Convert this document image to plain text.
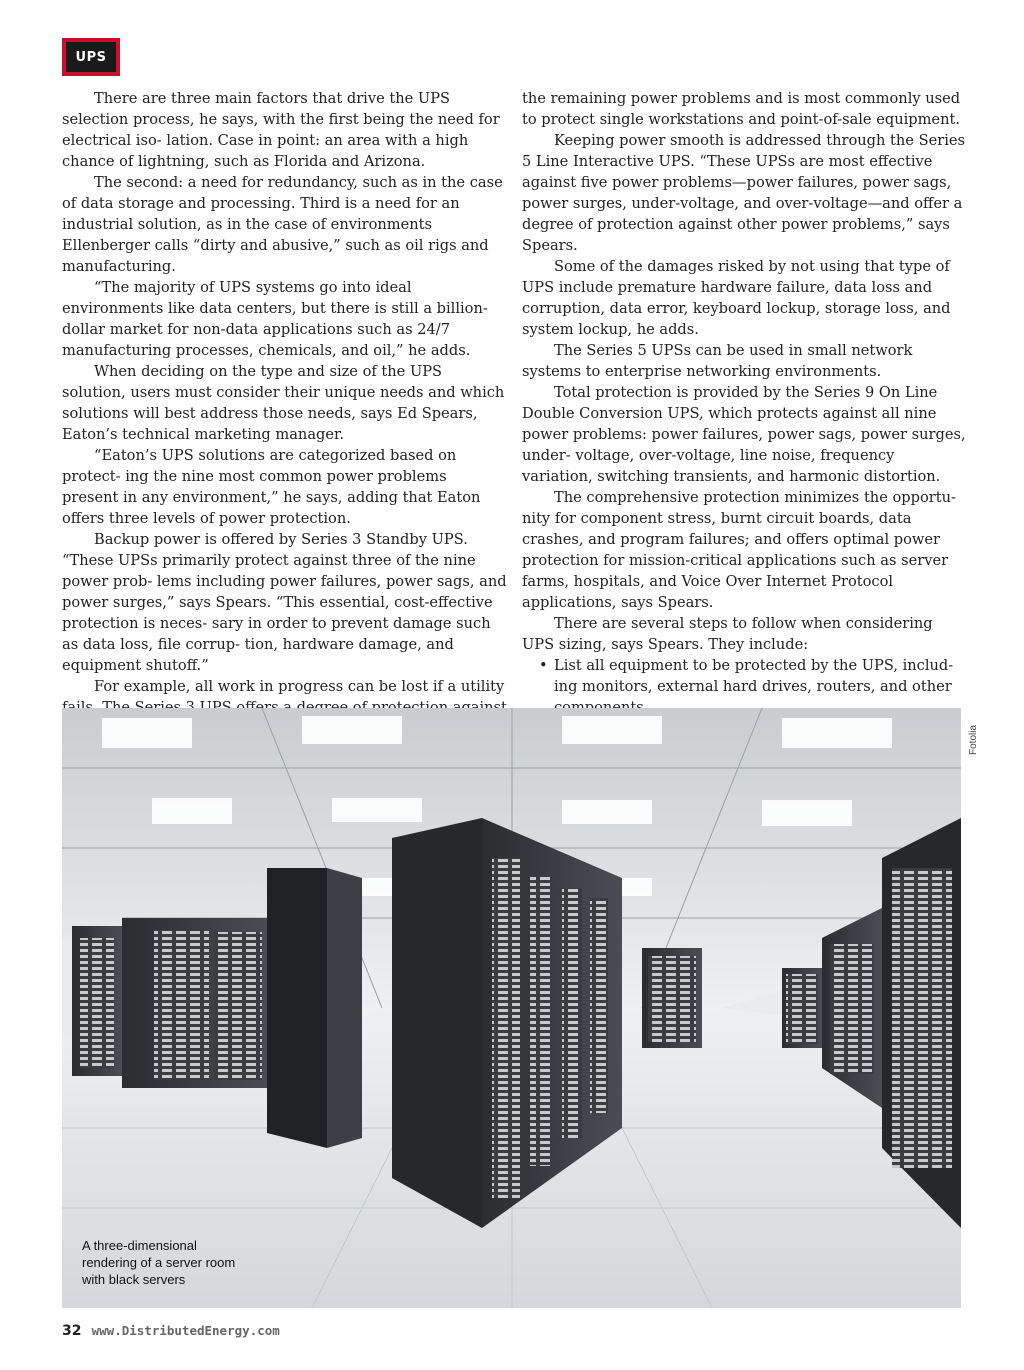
UPS

There are three main factors that drive the UPS selection process, he says, with the first being the need for electrical iso- lation. Case in point: an area with a high chance of lightning, such as Florida and Arizona.

The second: a need for redundancy, such as in the case of data storage and processing. Third is a need for an industrial solution, as in the case of environments Ellenberger calls “dirty and abusive,” such as oil rigs and manufacturing.

“The majority of UPS systems go into ideal environments like data centers, but there is still a billion-dollar market for non-data applications such as 24/7 manufacturing processes, chemicals, and oil,” he adds.

When deciding on the type and size of the UPS solution, users must consider their unique needs and which solutions will best address those needs, says Ed Spears, Eaton’s technical marketing manager.

“Eaton’s UPS solutions are categorized based on protect- ing the nine most common power problems present in any environment,” he says, adding that Eaton offers three levels of power protection.

Backup power is offered by Series 3 Standby UPS. “These UPSs primarily protect against three of the nine power prob- lems including power failures, power sags, and power surges,” says Spears. “This essential, cost-effective protection is neces- sary in order to prevent damage such as data loss, file corrup- tion, hardware damage, and equipment shutoff.”

For example, all work in progress can be lost if a utility

the remaining power problems and is most commonly used to protect single workstations and point-of-sale equipment.

Keeping power smooth is addressed through the Series 5 Line Interactive UPS. “These UPSs are most effective against five power problems—power failures, power sags, power surges, under-voltage, and over-voltage—and offer a degree of protection against other power problems,” says Spears.

Some of the damages risked by not using that type of UPS include premature hardware failure, data loss and corruption, data error, keyboard lockup, storage loss, and system lockup, he adds.

The Series 5 UPSs can be used in small network systems to enterprise networking environments.

Total protection is provided by the Series 9 On Line Double Conversion UPS, which protects against all nine power problems: power failures, power sags, power surges, under- voltage, over-voltage, line noise, frequency variation, switching transients, and harmonic distortion.

The comprehensive protection minimizes the opportu- nity for component stress, burnt circuit boards, data crashes, and program failures; and offers optimal power protection for mission-critical applications such as server farms, hospitals, and Voice Over Internet Protocol applications, says Spears.

There are several steps to follow when considering UPS sizing, says Spears. They include:

• List all equipment to be protected by the UPS, includ- ing monitors, external hard drives, routers, and other
Fotolia
A three-dimensional rendering of a server room with black servers
32 www.DistributedEnergy.com
